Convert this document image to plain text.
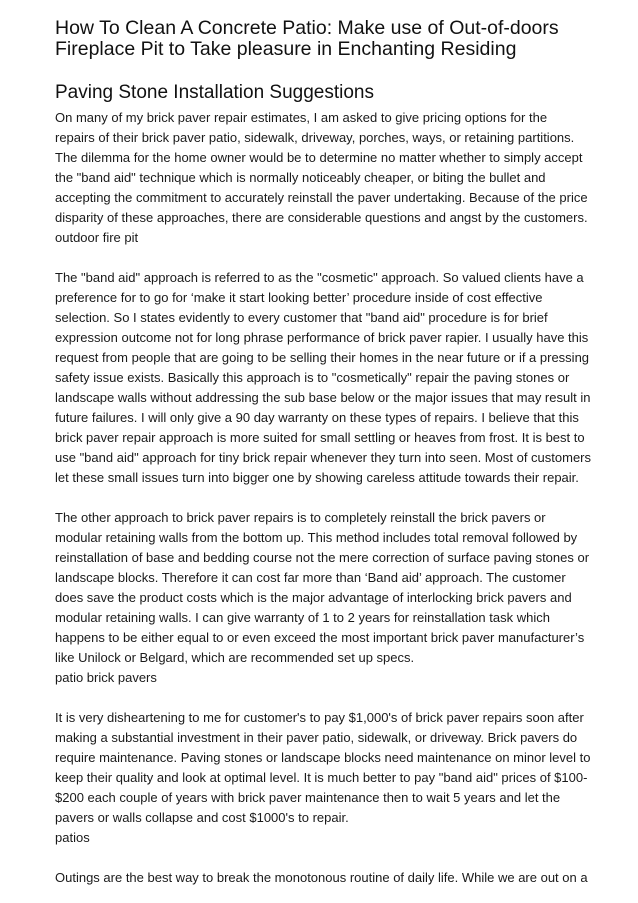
How To Clean A Concrete Patio: Make use of Out-of-doors
Fireplace Pit to Take pleasure in Enchanting Residing
Paving Stone Installation Suggestions

On many of my brick paver repair estimates, I am asked to give pricing options for the
repairs of their brick paver patio, sidewalk, driveway, porches, ways, or retaining partitions.
The dilemma for the home owner would be to determine no matter whether to simply accept
the "band aid" technique which is normally noticeably cheaper, or biting the bullet and
accepting the commitment to accurately reinstall the paver undertaking. Because of the price
disparity of these approaches, there are considerable questions and angst by the customers.
outdoor fire pit

The "band aid" approach is referred to as the "cosmetic" approach. So valued clients have a
preference for to go for ‘make it start looking better’ procedure inside of cost effective
selection. So I states evidently to every customer that "band aid" procedure is for brief
expression outcome not for long phrase performance of brick paver rapier. I usually have this
request from people that are going to be selling their homes in the near future or if a pressing
safety issue exists. Basically this approach is to "cosmetically" repair the paving stones or
landscape walls without addressing the sub base below or the major issues that may result in
future failures. I will only give a 90 day warranty on these types of repairs. I believe that this
brick paver repair approach is more suited for small settling or heaves from frost. It is best to
use "band aid" approach for tiny brick repair whenever they turn into seen. Most of customers
let these small issues turn into bigger one by showing careless attitude towards their repair.

The other approach to brick paver repairs is to completely reinstall the brick pavers or
modular retaining walls from the bottom up. This method includes total removal followed by
reinstallation of base and bedding course not the mere correction of surface paving stones or
landscape blocks. Therefore it can cost far more than ‘Band aid’ approach. The customer
does save the product costs which is the major advantage of interlocking brick pavers and
modular retaining walls. I can give warranty of 1 to 2 years for reinstallation task which
happens to be either equal to or even exceed the most important brick paver manufacturer’s
like Unilock or Belgard, which are recommended set up specs.
patio brick pavers

It is very disheartening to me for customer's to pay $1,000's of brick paver repairs soon after
making a substantial investment in their paver patio, sidewalk, or driveway. Brick pavers do
require maintenance. Paving stones or landscape blocks need maintenance on minor level to
keep their quality and look at optimal level. It is much better to pay "band aid" prices of $100-
$200 each couple of years with brick paver maintenance then to wait 5 years and let the
pavers or walls collapse and cost $1000's to repair.
patios

Outings are the best way to break the monotonous routine of daily life. While we are out on a
